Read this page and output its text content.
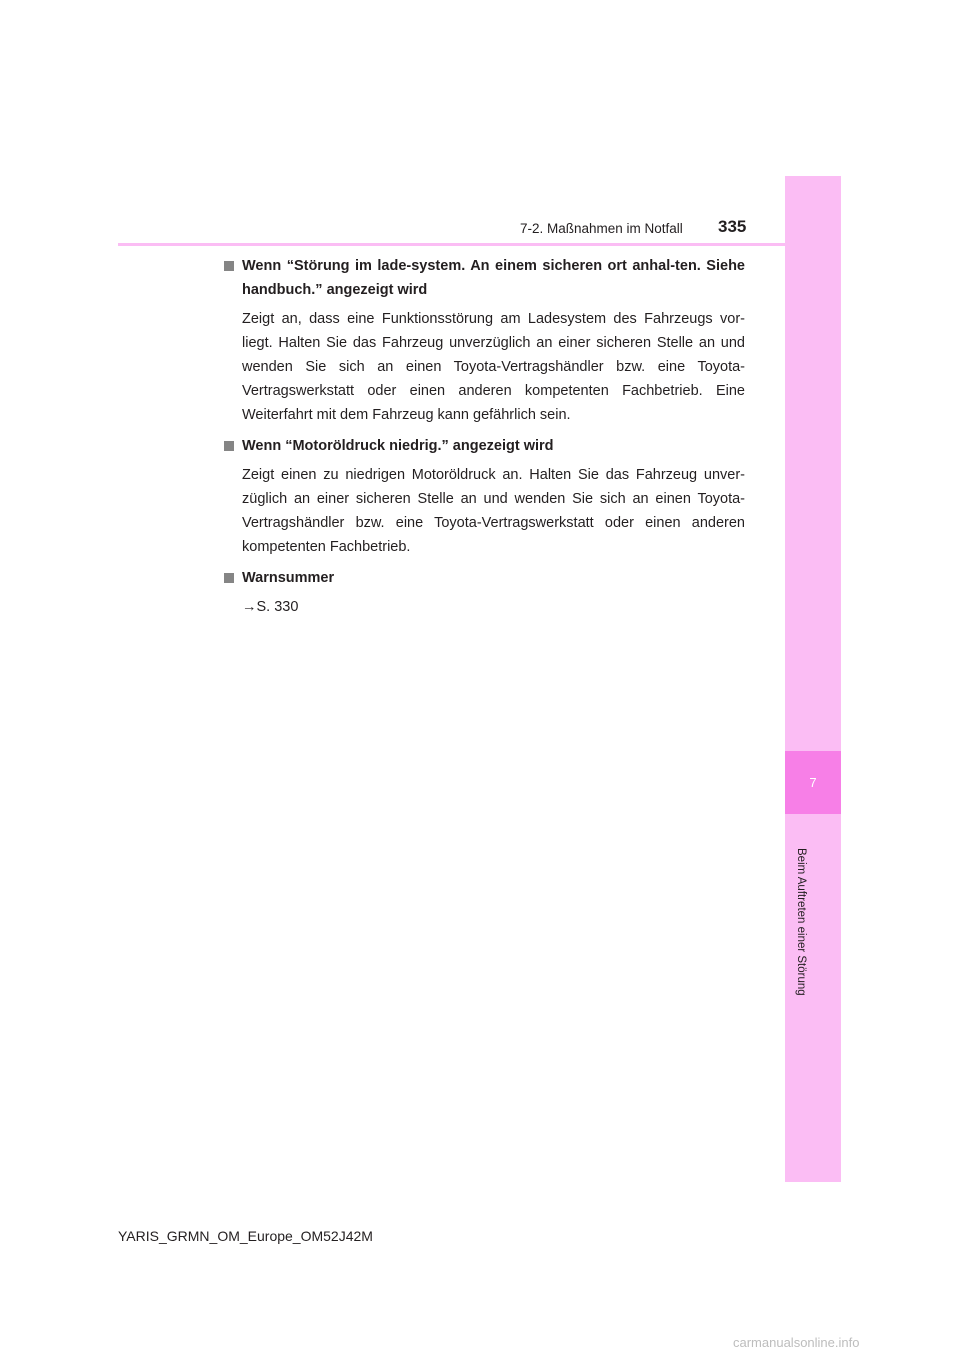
7
Beim Auftreten einer Störung
7-2. Maßnahmen im Notfall 335
Wenn “Störung im lade-system. An einem sicheren ort anhal-ten. Siehe handbuch.” angezeigt wird
Zeigt an, dass eine Funktionsstörung am Ladesystem des Fahrzeugs vor-liegt. Halten Sie das Fahrzeug unverzüglich an einer sicheren Stelle an und wenden Sie sich an einen Toyota-Vertragshändler bzw. eine Toyota-Vertragswerkstatt oder einen anderen kompetenten Fachbetrieb. Eine Weiterfahrt mit dem Fahrzeug kann gefährlich sein.
Wenn “Motoröldruck niedrig.” angezeigt wird
Zeigt einen zu niedrigen Motoröldruck an. Halten Sie das Fahrzeug unver-züglich an einer sicheren Stelle an und wenden Sie sich an einen Toyota-Vertragshändler bzw. eine Toyota-Vertragswerkstatt oder einen anderen kompetenten Fachbetrieb.
Warnsummer
→S. 330
YARIS_GRMN_OM_Europe_OM52J42M
carmanualsonline.info
